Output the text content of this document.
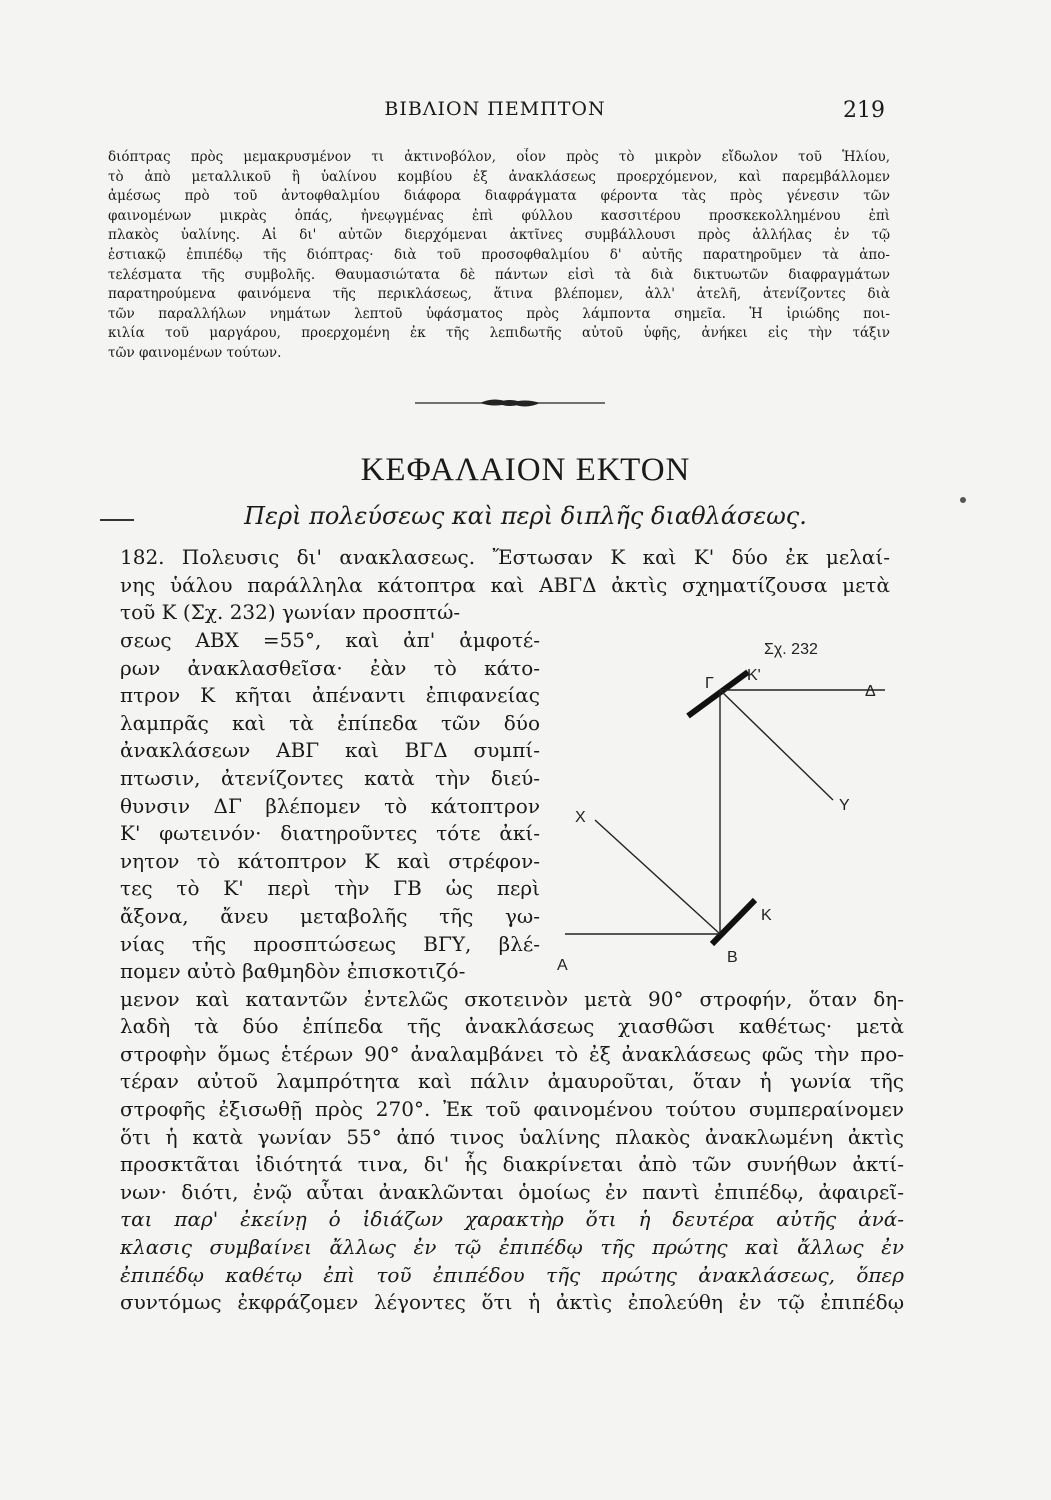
ΒΙΒΛΙΟΝ ΠΕΜΠΤΟΝ	219
διόπτρας πρὸς μεμακρυσμένον τι ἀκτινοβόλον, οἷον πρὸς τὸ μικρὸν εἴδωλον τοῦ Ἡλίου,
τὸ ἀπὸ μεταλλικοῦ ἢ ὑαλίνου κομβίου ἐξ ἀνακλάσεως προερχόμενον, καὶ παρεμβάλλομεν
ἀμέσως πρὸ τοῦ ἀντοφθαλμίου διάφορα διαφράγματα φέροντα τὰς πρὸς γένεσιν τῶν
φαινομένων μικρὰς ὀπάς, ἠνεῳγμένας ἐπὶ φύλλου κασσιτέρου προσκεκολλημένου ἐπὶ
πλακὸς ὑαλίνης. Αἱ δι' αὐτῶν διερχόμεναι ἀκτῖνες συμβάλλουσι πρὸς ἀλλήλας ἐν τῷ
ἑστιακῷ ἐπιπέδῳ τῆς διόπτρας· διὰ τοῦ προσοφθαλμίου δ' αὐτῆς παρατηροῦμεν τὰ ἀπο-
τελέσματα τῆς συμβολῆς. Θαυμασιώτατα δὲ πάντων εἰσὶ τὰ διὰ δικτυωτῶν διαφραγμάτων
παρατηρούμενα φαινόμενα τῆς περικλάσεως, ἅτινα βλέπομεν, ἀλλ' ἀτελῆ, ἀτενίζοντες διὰ
τῶν παραλλήλων νημάτων λεπτοῦ ὑφάσματος πρὸς λάμποντα σημεῖα. Ἡ ἰριώδης ποι-
κιλία τοῦ μαργάρου, προερχομένη ἐκ τῆς λεπιδωτῆς αὐτοῦ ὑφῆς, ἀνήκει εἰς τὴν τάξιν
τῶν φαινομένων τούτων.
ΚΕΦΑΛΑΙΟΝ ΕΚΤΟΝ
Περὶ πολεύσεως καὶ περὶ διπλῆς διαθλάσεως.
182. Πολευσις δι' ανακλασεως. Ἔστωσαν Κ καὶ Κ' δύο ἐκ μελαί-
νης ὑάλου παράλληλα κάτοπτρα καὶ ΑΒΓΔ ἀκτὶς σχηματίζουσα μετὰ
τοῦ Κ (Σχ. 232) γωνίαν προσπτώ-
σεως ΑΒΧ =55°, καὶ ἀπ' ἀμφοτέ-
ρων ἀνακλασθεῖσα· ἐὰν τὸ κάτο-
πτρον Κ κῆται ἀπέναντι ἐπιφανείας
λαμπρᾶς καὶ τὰ ἐπίπεδα τῶν δύο
ἀνακλάσεων ΑΒΓ καὶ ΒΓΔ συμπί-
πτωσιν, ἀτενίζοντες κατὰ τὴν διεύ-
θυνσιν ΔΓ βλέπομεν τὸ κάτοπτρον
Κ' φωτεινόν· διατηροῦντες τότε ἀκί-
νητον τὸ κάτοπτρον Κ καὶ στρέφον-
τες τὸ Κ' περὶ τὴν ΓΒ ὡς περὶ
ἄξονα, ἄνευ μεταβολῆς τῆς γω-
νίας τῆς προσπτώσεως ΒΓΥ, βλέ-
Σχ. 232
Γ K'
Δ
Y
X
K
A	B
πομεν αὐτὸ βαθμηδὸν ἐπισκοτιζό-
μενον καὶ καταντῶν ἐντελῶς σκοτεινὸν μετὰ 90° στροφήν, ὅταν δη-
λαδὴ τὰ δύο ἐπίπεδα τῆς ἀνακλάσεως χιασθῶσι καθέτως· μετὰ
στροφὴν ὅμως ἑτέρων 90° ἀναλαμβάνει τὸ ἐξ ἀνακλάσεως φῶς τὴν προ-
τέραν αὐτοῦ λαμπρότητα καὶ πάλιν ἀμαυροῦται, ὅταν ἡ γωνία τῆς
στροφῆς ἐξισωθῇ πρὸς 270°. Ἐκ τοῦ φαινομένου τούτου συμπεραίνομεν
ὅτι ἡ κατὰ γωνίαν 55° ἀπό τινος ὑαλίνης πλακὸς ἀνακλωμένη ἀκτὶς
προσκτᾶται ἰδιότητά τινα, δι' ἧς διακρίνεται ἀπὸ τῶν συνήθων ἀκτί-
νων· διότι, ἐνῷ αὗται ἀνακλῶνται ὁμοίως ἐν παντὶ ἐπιπέδῳ, ἀφαιρεῖ-
ται παρ' ἐκείνῃ ὁ ἰδιάζων χαρακτὴρ ὅτι ἡ δευτέρα αὐτῆς ἀνά-
κλασις συμβαίνει ἄλλως ἐν τῷ ἐπιπέδῳ τῆς πρώτης καὶ ἄλλως ἐν
ἐπιπέδῳ καθέτῳ ἐπὶ τοῦ ἐπιπέδου τῆς πρώτης ἀνακλάσεως, ὅπερ
συντόμως ἐκφράζομεν λέγοντες ὅτι ἡ ἀκτὶς ἐπολεύθη ἐν τῷ ἐπιπέδῳ
